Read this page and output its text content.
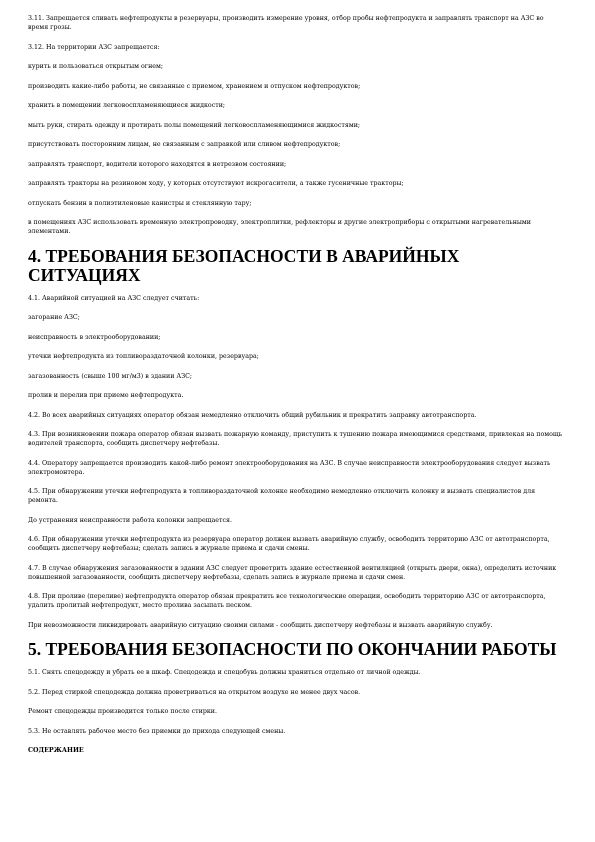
3.11. Запрещается сливать нефтепродукты в резервуары, производить измерение уровня, отбор пробы нефтепродукта и заправлять транспорт на АЗС во время грозы.

3.12. На территории АЗС запрещается:

курить и пользоваться открытым огнем;

производить какие-либо работы, не связанные с приемом, хранением и отпуском нефтепродуктов;

хранить в помещении легковоспламеняющиеся жидкости;

мыть руки, стирать одежду и протирать полы помещений легковоспламеняющимися жидкостями;

присутствовать посторонним лицам, не связанным с заправкой или сливом нефтепродуктов;

заправлять транспорт, водители которого находятся в нетрезвом состоянии;

заправлять тракторы на резиновом ходу, у которых отсутствуют искрогасители, а также гусеничные тракторы;

отпускать бензин в полиэтиленовые канистры и стеклянную тару;

в помещениях АЗС использовать временную электропроводку, электроплитки, рефлекторы и другие электроприборы с открытыми нагревательными элементами.

4. ТРЕБОВАНИЯ БЕЗОПАСНОСТИ В АВАРИЙНЫХ СИТУАЦИЯХ

4.1. Аварийной ситуацией на АЗС следует считать:

загорание АЗС;

неисправность в электрооборудовании;

утечки нефтепродукта из топливораздаточной колонки, резервуара;

загазованность (свыше 100 мг/м3) в здании АЗС;

пролив и перелив при приеме нефтепродукта.

4.2. Во всех аварийных ситуациях оператор обязан немедленно отключить общий рубильник и прекратить заправку автотранспорта.

4.3. При возникновении пожара оператор обязан вызвать пожарную команду, приступить к тушению пожара имеющимися средствами, привлекая на помощь водителей транспорта, сообщить диспетчеру нефтебазы.

4.4. Оператору запрещается производить какой-либо ремонт электрооборудования на АЗС. В случае неисправности электрооборудования следует вызвать электромонтера.

4.5. При обнаружении утечки нефтепродукта в топливораздаточной колонке необходимо немедленно отключить колонку и вызвать специалистов для ремонта.

До устранения неисправности работа колонки запрещается.

4.6. При обнаружении утечки нефтепродукта из резервуара оператор должен вызвать аварийную службу, освободить территорию АЗС от автотранспорта, сообщить диспетчеру нефтебазы; сделать запись в журнале приема и сдачи смены.

4.7. В случае обнаружения загазованности в здании АЗС следует проветрить здание естественной вентиляцией (открыть двери, окна), определить источник повышенной загазованности, сообщить диспетчеру нефтебазы, сделать запись в журнале приема и сдачи смен.

4.8. При проливе (переливе) нефтепродукта оператор обязан прекратить все технологические операции, освободить территорию АЗС от автотранспорта, удалить пролитый нефтепродукт, место пролива засыпать песком.

При невозможности ликвидировать аварийную ситуацию своими силами - сообщить диспетчеру нефтебазы и вызвать аварийную службу.

5. ТРЕБОВАНИЯ БЕЗОПАСНОСТИ ПО ОКОНЧАНИИ РАБОТЫ

5.1. Снять спецодежду и убрать ее в шкаф. Спецодежда и спецобувь должны храниться отдельно от личной одежды.

5.2. Перед стиркой спецодежда должна проветриваться на открытом воздухе не менее двух часов.

Ремонт спецодежды производится только после стирки.

5.3. Не оставлять рабочее место без приемки до прихода следующей смены.

СОДЕРЖАНИЕ
